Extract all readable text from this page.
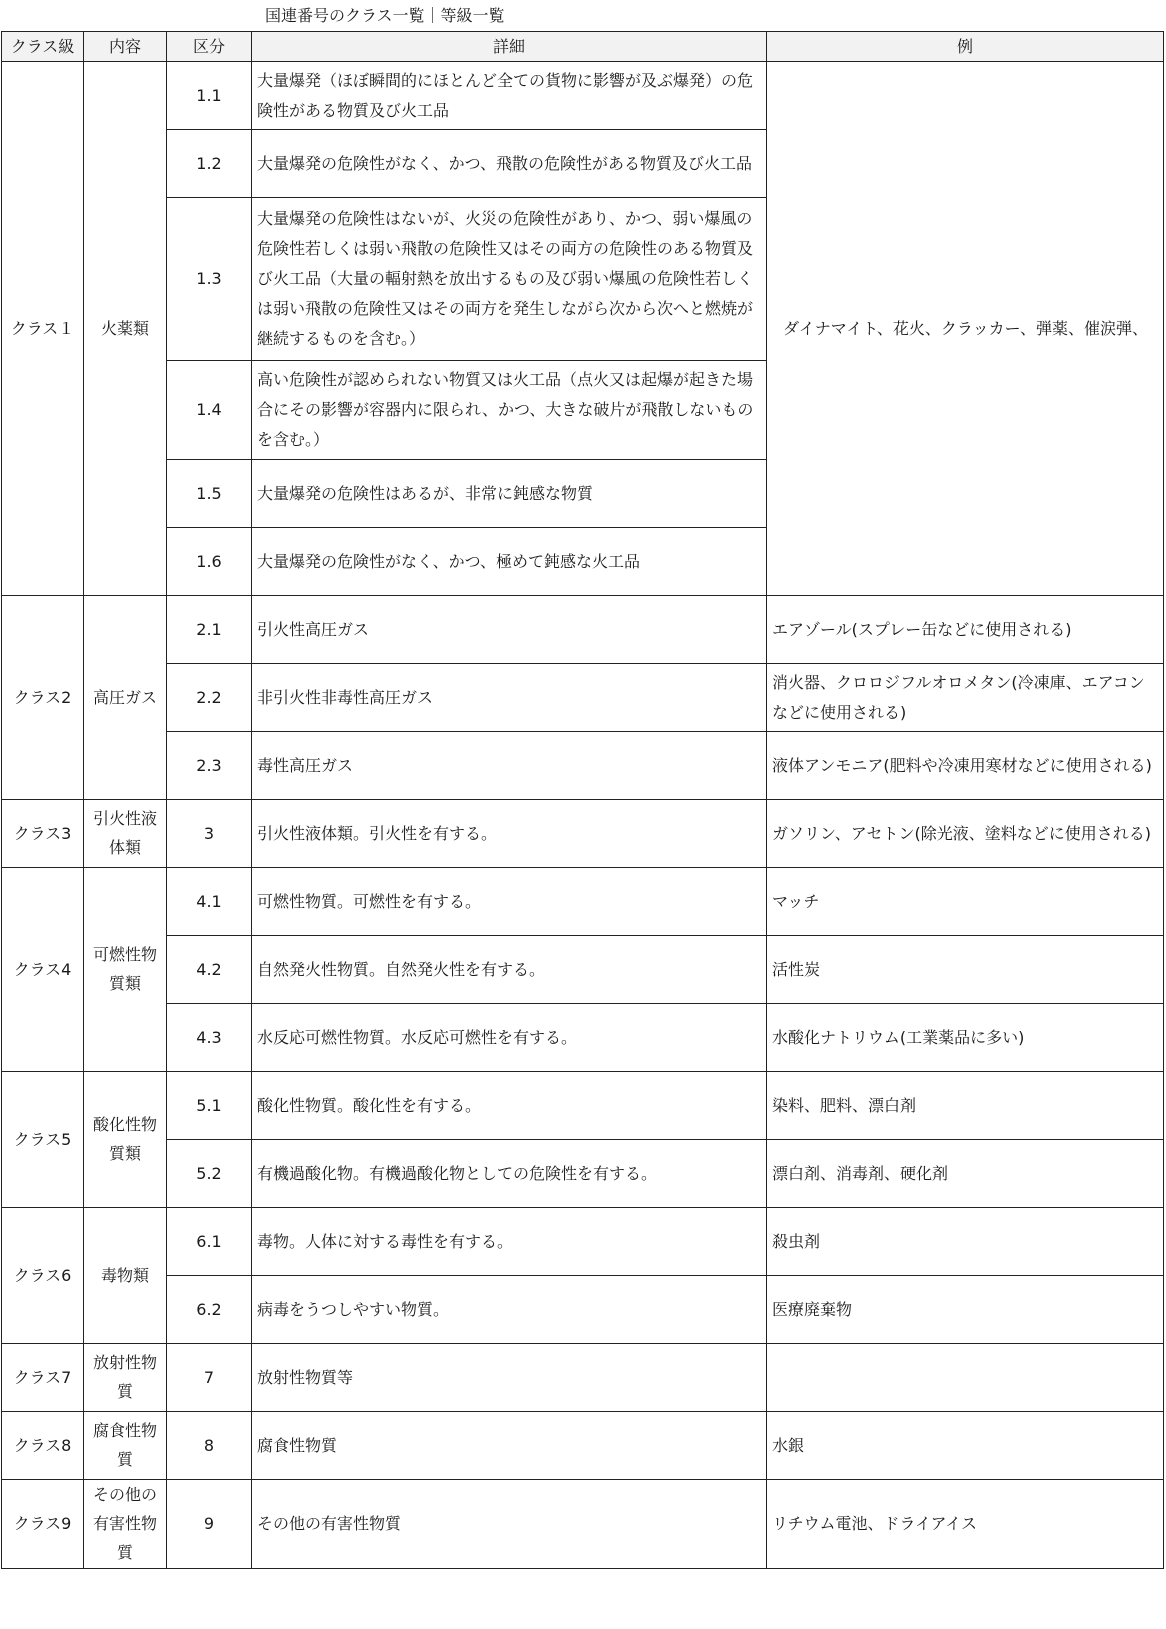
国連番号のクラス一覧｜等級一覧
クラス級	内容	区分	詳細	例
クラス１	火薬類	1.1	大量爆発（ほぼ瞬間的にほとんど全ての貨物に影響が及ぶ爆発）の危険性がある物質及び火工品	ダイナマイト、花火、クラッカー、弾薬、催涙弾、
		1.2	大量爆発の危険性がなく、かつ、飛散の危険性がある物質及び火工品	
		1.3	大量爆発の危険性はないが、火災の危険性があり、かつ、弱い爆風の危険性若しくは弱い飛散の危険性又はその両方の危険性のある物質及び火工品（大量の輻射熱を放出するもの及び弱い爆風の危険性若しくは弱い飛散の危険性又はその両方を発生しながら次から次へと燃焼が継続するものを含む。）	
		1.4	高い危険性が認められない物質又は火工品（点火又は起爆が起きた場合にその影響が容器内に限られ、かつ、大きな破片が飛散しないものを含む。）	
		1.5	大量爆発の危険性はあるが、非常に鈍感な物質	
		1.6	大量爆発の危険性がなく、かつ、極めて鈍感な火工品	
クラス2	高圧ガス	2.1	引火性高圧ガス	エアゾール(スプレー缶などに使用される)
		2.2	非引火性非毒性高圧ガス	消火器、クロロジフルオロメタン(冷凍庫、エアコンなどに使用される)
		2.3	毒性高圧ガス	液体アンモニア(肥料や冷凍用寒材などに使用される)
クラス3	引火性液体類	3	引火性液体類。引火性を有する。	ガソリン、アセトン(除光液、塗料などに使用される)
クラス4	可燃性物質類	4.1	可燃性物質。可燃性を有する。	マッチ
		4.2	自然発火性物質。自然発火性を有する。	活性炭
		4.3	水反応可燃性物質。水反応可燃性を有する。	水酸化ナトリウム(工業薬品に多い)
クラス5	酸化性物質類	5.1	酸化性物質。酸化性を有する。	染料、肥料、漂白剤
		5.2	有機過酸化物。有機過酸化物としての危険性を有する。	漂白剤、消毒剤、硬化剤
クラス6	毒物類	6.1	毒物。人体に対する毒性を有する。	殺虫剤
		6.2	病毒をうつしやすい物質。	医療廃棄物
クラス7	放射性物質	7	放射性物質等	
クラス8	腐食性物質	8	腐食性物質	水銀
クラス9	その他の有害性物質	9	その他の有害性物質	リチウム電池、ドライアイス
